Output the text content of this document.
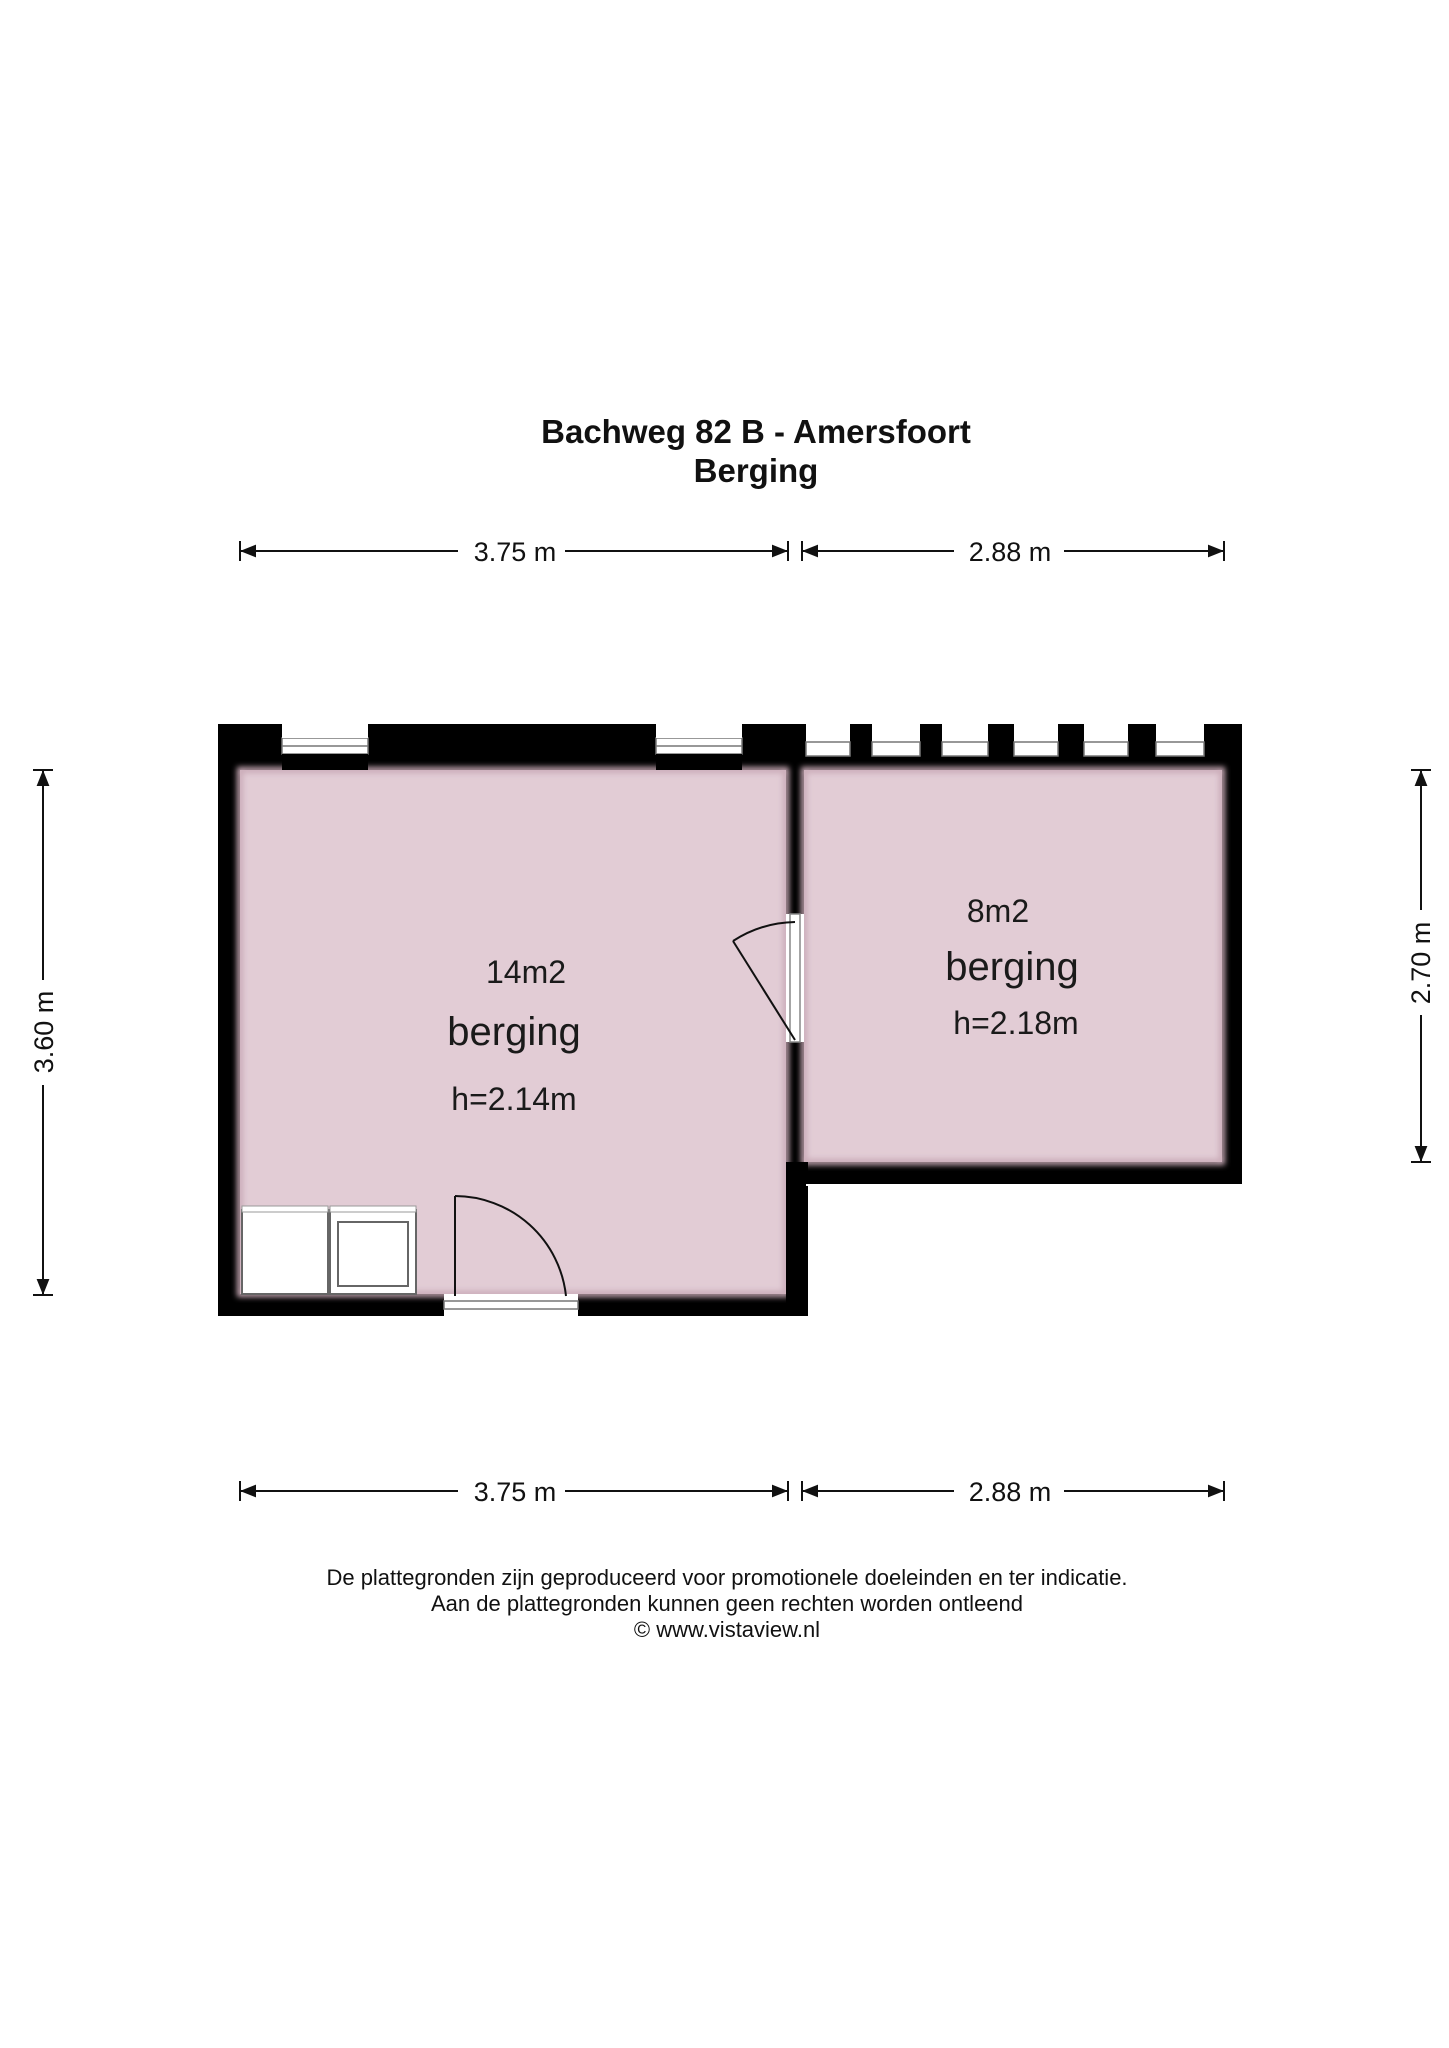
Bachweg 82 B - Amersfoort
Berging
3.75 m	2.88 m
3.60 m
2.70 m
14m2
berging
h=2.14m
8m2
berging
h=2.18m
3.75 m	2.88 m
De plattegronden zijn geproduceerd voor promotionele doeleinden en ter indicatie.
Aan de plattegronden kunnen geen rechten worden ontleend
© www.vistaview.nl
